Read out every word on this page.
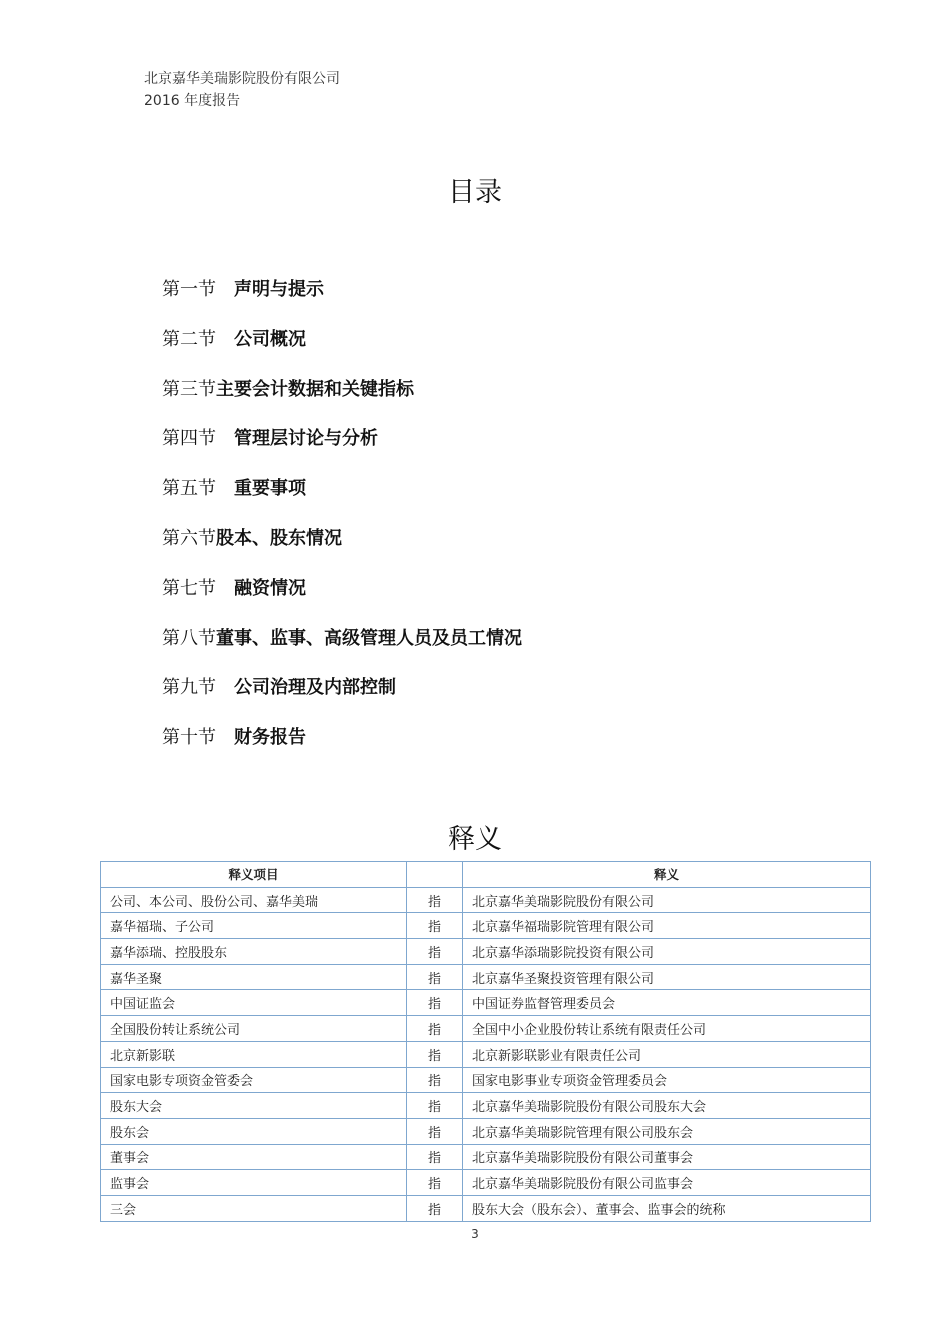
北京嘉华美瑞影院股份有限公司
2016 年度报告
目录
第一节
　 声明与提示
第二节
　 公司概况
第三节 主要会计数据和关键指标
第四节
　 管理层讨论与分析
第五节
　 重要事项
第六节 股本、股东情况
第七节
　 融资情况
第八节 董事、监事、高级管理人员及员工情况
第九节
　 公司治理及内部控制
第十节
　 财务报告
释义
释义项目		释义
公司、本公司、股份公司、嘉华美瑞	指	北京嘉华美瑞影院股份有限公司
嘉华福瑞、子公司	指	北京嘉华福瑞影院管理有限公司
嘉华添瑞、控股股东	指	北京嘉华添瑞影院投资有限公司
嘉华圣聚	指	北京嘉华圣聚投资管理有限公司
中国证监会	指	中国证券监督管理委员会
全国股份转让系统公司	指	全国中小企业股份转让系统有限责任公司
北京新影联	指	北京新影联影业有限责任公司
国家电影专项资金管委会	指	国家电影事业专项资金管理委员会
股东大会	指	北京嘉华美瑞影院股份有限公司股东大会
股东会	指	北京嘉华美瑞影院管理有限公司股东会
董事会	指	北京嘉华美瑞影院股份有限公司董事会
监事会	指	北京嘉华美瑞影院股份有限公司监事会
三会	指	股东大会（股东会）、董事会、监事会的统称
3
